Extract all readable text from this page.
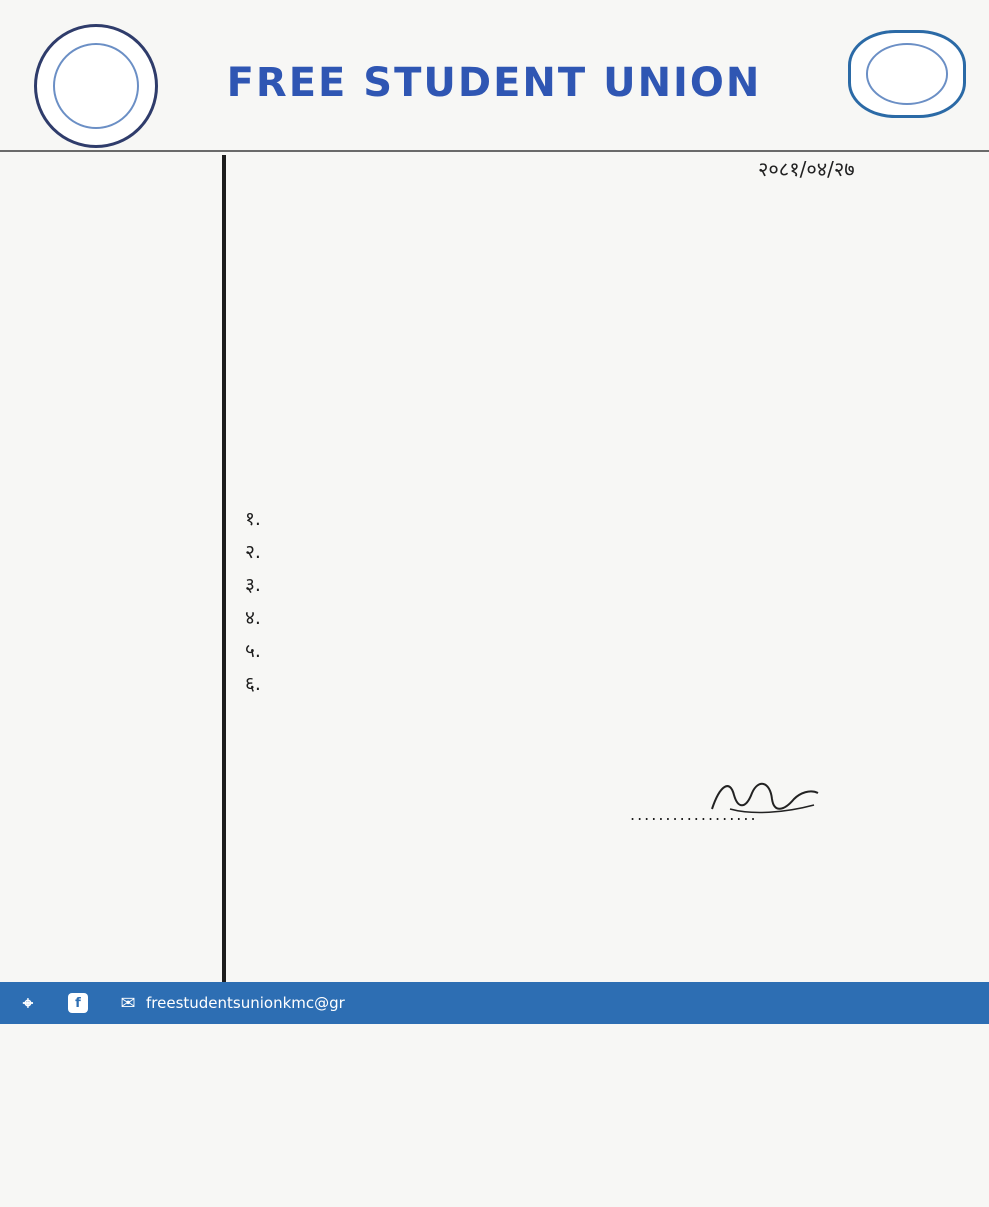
FREE STUDENT UNION
२०८१/०४/२७

१.
२.
३.
४.
५.
६.
..................
⌖	f	✉ freestudentsunionkmc@gr
